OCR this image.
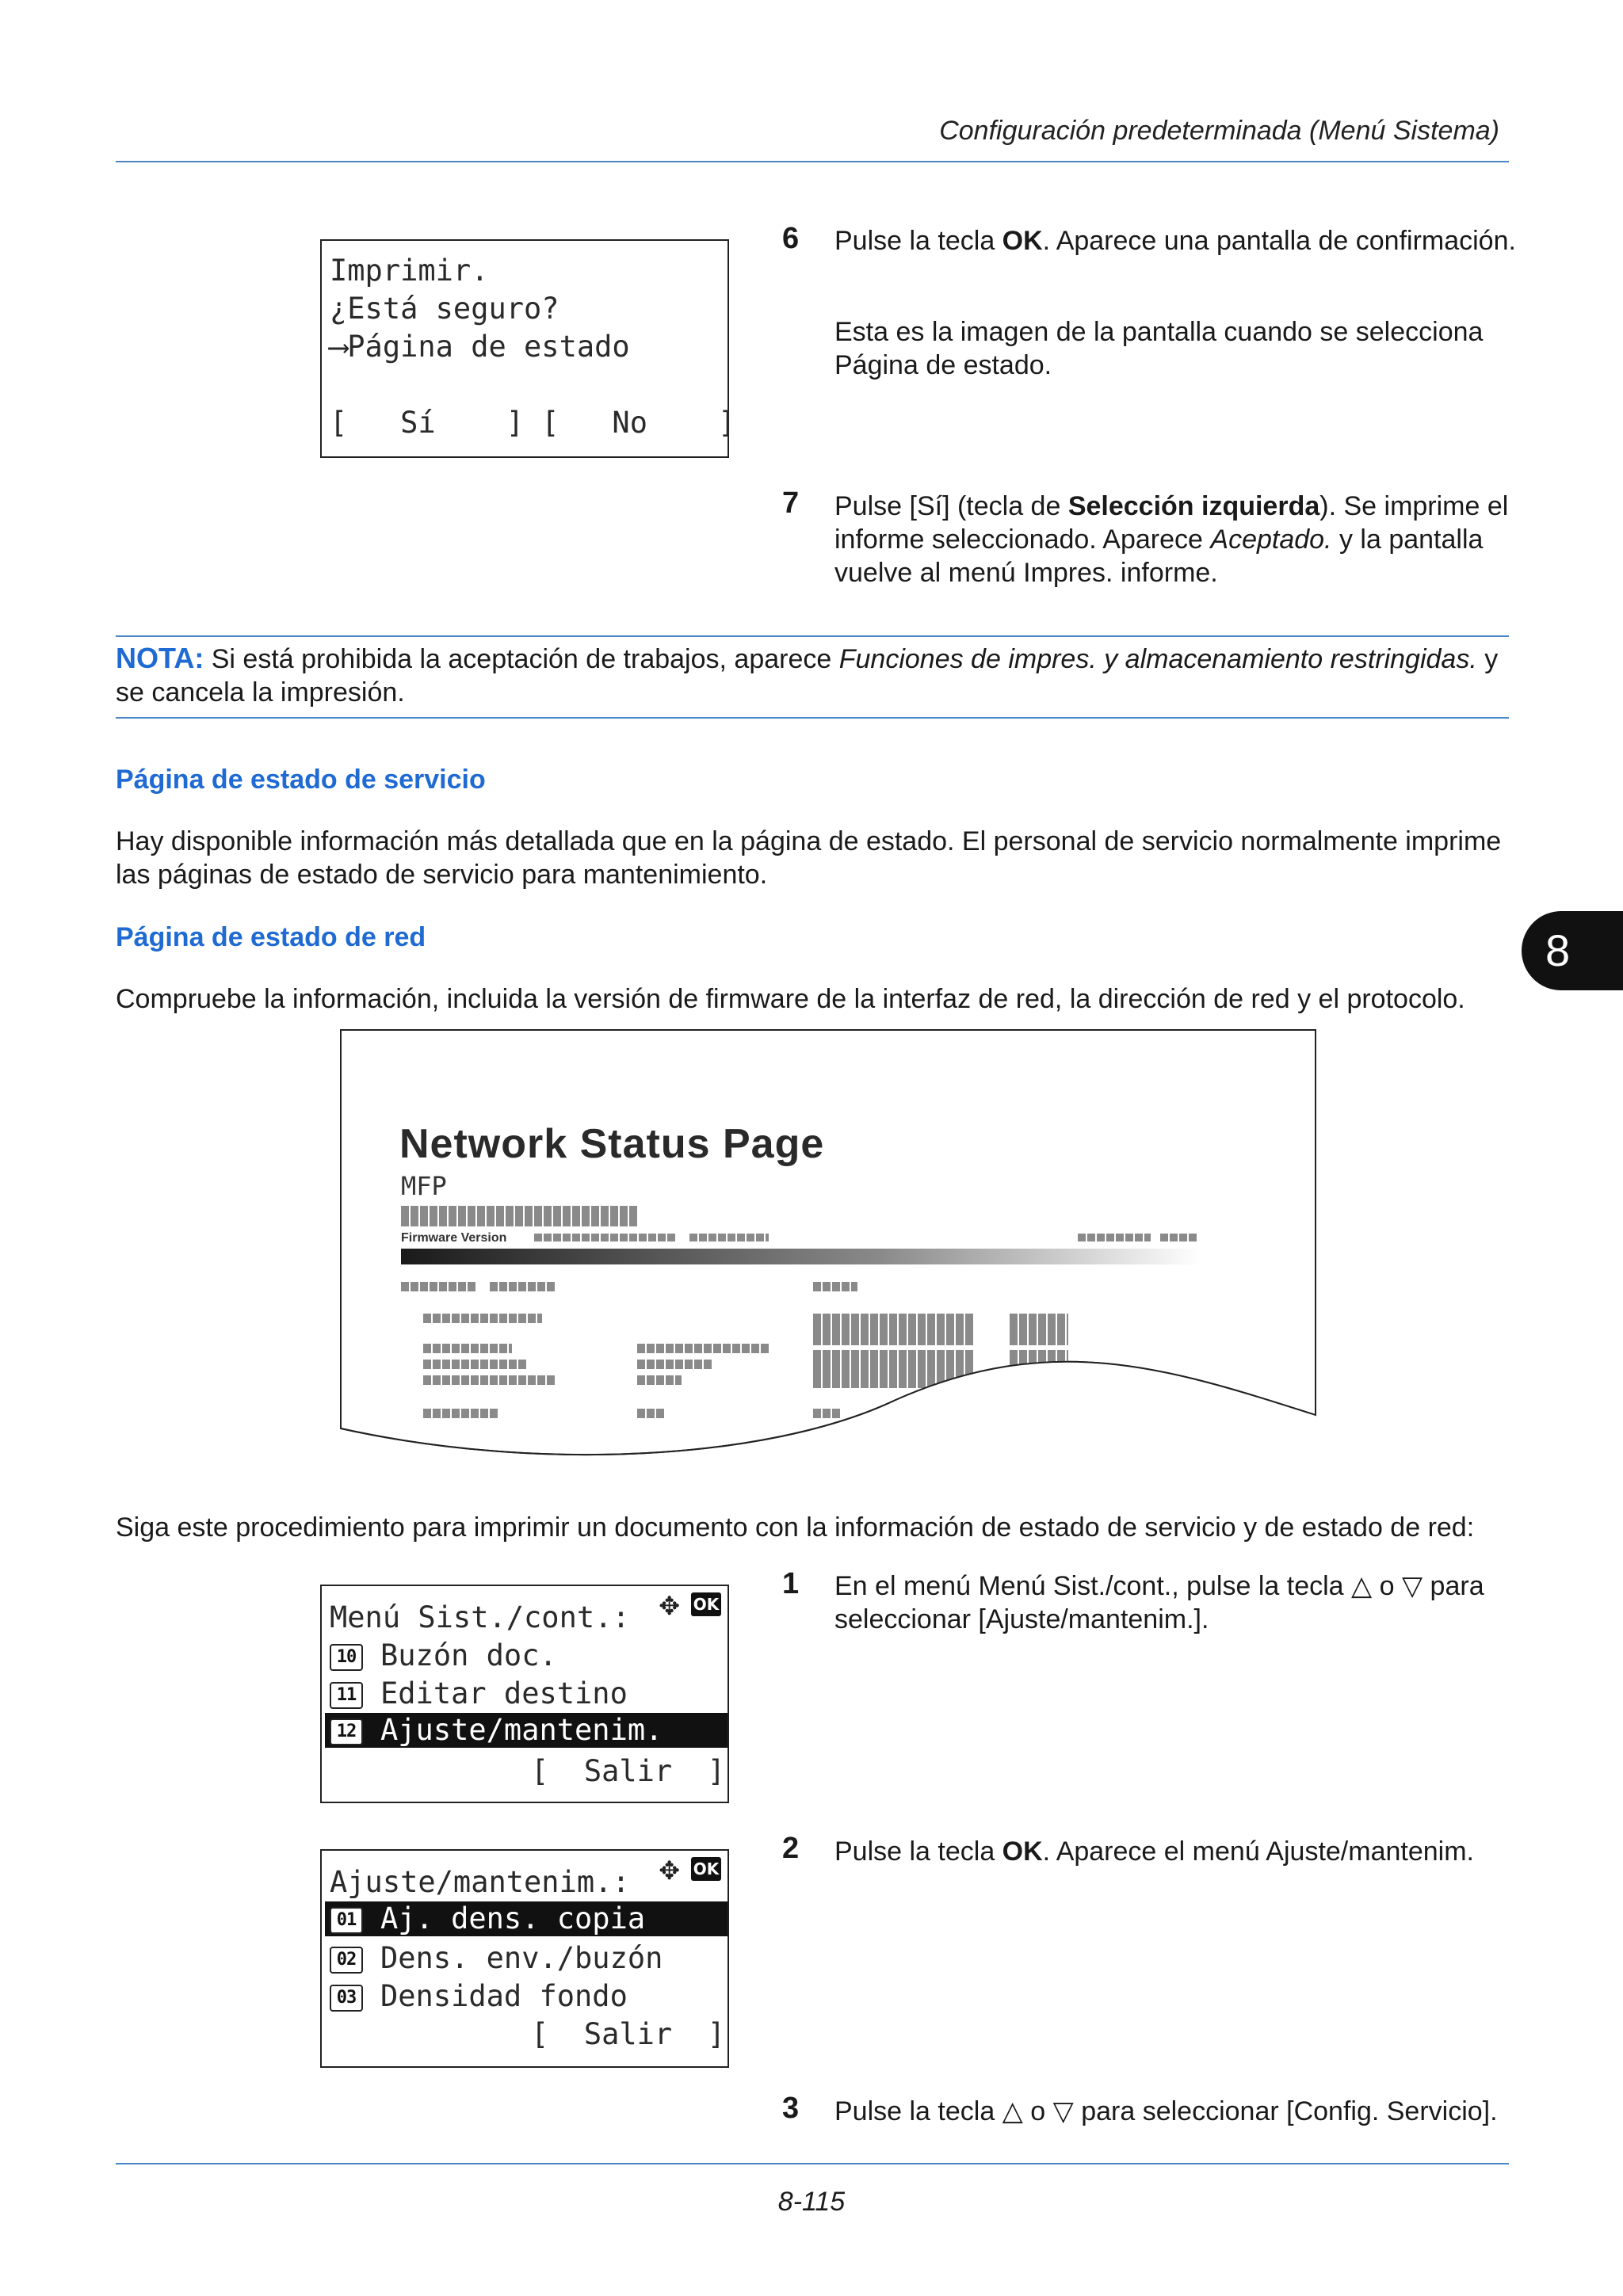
Configuración predeterminada (Menú Sistema)
8
Imprimir.
¿Está seguro?
⟶Página de estado
[   Sí    ] [   No    ]
6 Pulse la tecla OK. Aparece una pantalla de confirmación.
Esta es la imagen de la pantalla cuando se selecciona Página de estado.
7 Pulse [Sí] (tecla de Selección izquierda). Se imprime el informe seleccionado. Aparece Aceptado. y la pantalla vuelve al menú Impres. informe.
NOTA: Si está prohibida la aceptación de trabajos, aparece Funciones de impres. y almacenamiento restringidas. y se cancela la impresión.
Página de estado de servicio
Hay disponible información más detallada que en la página de estado. El personal de servicio normalmente imprime las páginas de estado de servicio para mantenimiento.
Página de estado de red
Compruebe la información, incluida la versión de firmware de la interfaz de red, la dirección de red y el protocolo.
Network Status Page
MFP
Firmware Version
Siga este procedimiento para imprimir un documento con la información de estado de servicio y de estado de red:
Menú Sist./cont.:	✥ OK
10 Buzón doc.
11 Editar destino
12 Ajuste/mantenim.
[  Salir  ]
1 En el menú Menú Sist./cont., pulse la tecla △ o ▽ para seleccionar [Ajuste/mantenim.].
Ajuste/mantenim.:	✥ OK
01 Aj. dens. copia
02 Dens. env./buzón
03 Densidad fondo
[  Salir  ]
2 Pulse la tecla OK. Aparece el menú Ajuste/mantenim.
3 Pulse la tecla △ o ▽ para seleccionar [Config. Servicio].
8-115
